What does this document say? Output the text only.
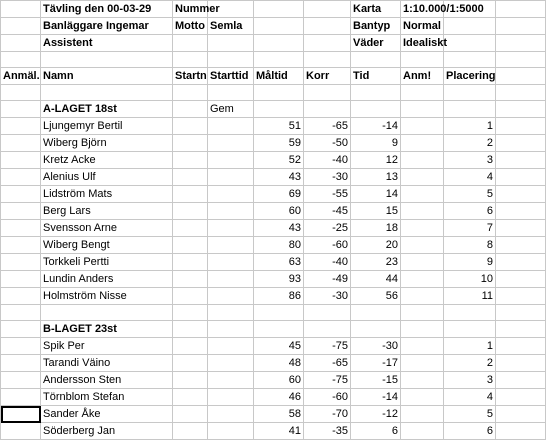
	Tävling den 00-03-29	Nummer				Karta	1:10.000/1:5000		
	Banläggare Ingemar	Motto	Semla			Bantyp	Normal		
	Assistent					Väder	Idealiskt		

Anmäl.	Namn	Startn	Starttid	Måltid	Korr	Tid	Anm!	Placering	

	A-LAGET 18st		Gem						
	Ljungemyr Bertil			51	-65	-14		1	
	Wiberg Björn			59	-50	9		2	
	Kretz Acke			52	-40	12		3	
	Alenius Ulf			43	-30	13		4	
	Lidström Mats			69	-55	14		5	
	Berg Lars			60	-45	15		6	
	Svensson Arne			43	-25	18		7	
	Wiberg Bengt			80	-60	20		8	
	Torkkeli Pertti			63	-40	23		9	
	Lundin Anders			93	-49	44		10	
	Holmström Nisse			86	-30	56		11	

	B-LAGET 23st								
	Spik Per			45	-75	-30		1	
	Tarandi Väino			48	-65	-17		2	
	Andersson Sten			60	-75	-15		3	
	Törnblom Stefan			46	-60	-14		4	
	Sander Åke			58	-70	-12		5	
	Söderberg Jan			41	-35	6		6	
